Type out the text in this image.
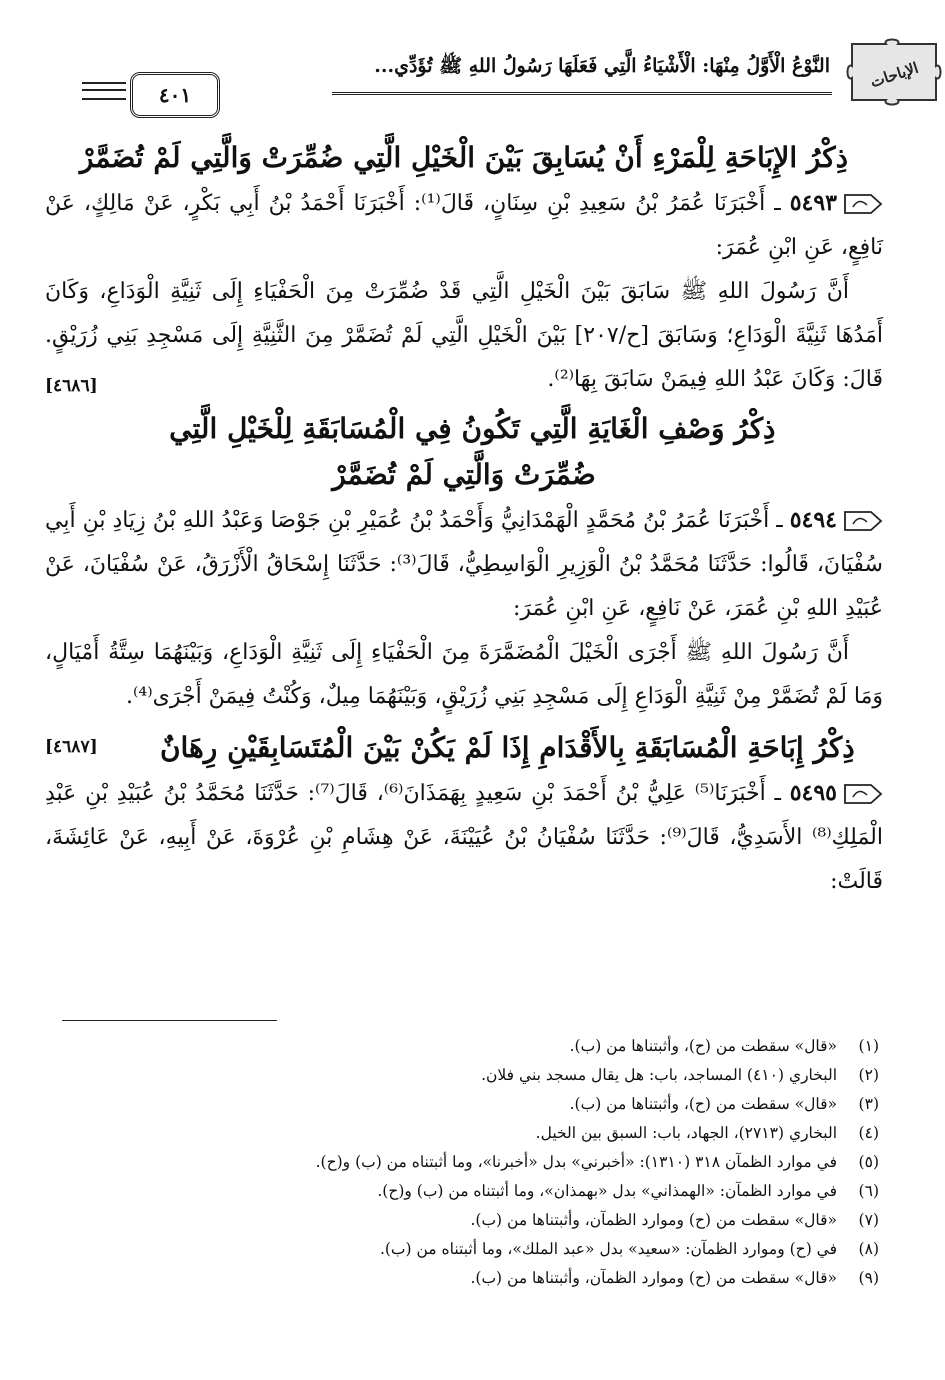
الإباحات
النَّوْعُ الْأَوَّلُ مِنْهَا: الْأَشْيَاءُ الَّتِي فَعَلَهَا رَسُولُ اللهِ ﷺ تُؤَدِّي...
٤٠١
ذِكْرُ الإِبَاحَةِ لِلْمَرْءِ أَنْ يُسَابِقَ بَيْنَ الْخَيْلِ الَّتِي ضُمِّرَتْ وَالَّتِي لَمْ تُضَمَّرْ

٥٤٩٣ ـ أَخْبَرَنَا عُمَرُ بْنُ سَعِيدِ بْنِ سِنَانٍ، قَالَ⁽¹⁾: أَخْبَرَنَا أَحْمَدُ بْنُ أَبِي بَكْرٍ، عَنْ مَالِكٍ، عَنْ نَافِعٍ، عَنِ ابْنِ عُمَرَ:

أَنَّ رَسُولَ اللهِ ﷺ سَابَقَ بَيْنَ الْخَيْلِ الَّتِي قَدْ ضُمِّرَتْ مِنَ الْحَفْيَاءِ إِلَى ثَنِيَّةِ الْوَدَاعِ، وَكَانَ أَمَدُهَا ثَنِيَّةَ الْوَدَاعِ؛ وَسَابَقَ [ح/٢٠٧] بَيْنَ الْخَيْلِ الَّتِي لَمْ تُضَمَّرْ مِنَ الثَّنِيَّةِ إِلَى مَسْجِدِ بَنِي زُرَيْقٍ. قَالَ: وَكَانَ عَبْدُ اللهِ فِيمَنْ سَابَقَ بِهَا⁽²⁾.
[٤٦٨٦]

ذِكْرُ وَصْفِ الْغَايَةِ الَّتِي تَكُونُ فِي الْمُسَابَقَةِ لِلْخَيْلِ الَّتِي ضُمِّرَتْ وَالَّتِي لَمْ تُضَمَّرْ

٥٤٩٤ ـ أَخْبَرَنَا عُمَرُ بْنُ مُحَمَّدٍ الْهَمْدَانِيُّ وَأَحْمَدُ بْنُ عُمَيْرِ بْنِ جَوْصَا وَعَبْدُ اللهِ بْنُ زِيَادِ بْنِ أَبِي سُفْيَانَ، قَالُوا: حَدَّثَنَا مُحَمَّدُ بْنُ الْوَزِيرِ الْوَاسِطِيُّ، قَالَ⁽³⁾: حَدَّثَنَا إِسْحَاقُ الْأَزْرَقُ، عَنْ سُفْيَانَ، عَنْ عُبَيْدِ اللهِ بْنِ عُمَرَ، عَنْ نَافِعٍ، عَنِ ابْنِ عُمَرَ:

أَنَّ رَسُولَ اللهِ ﷺ أَجْرَى الْخَيْلَ الْمُضَمَّرَةَ مِنَ الْحَفْيَاءِ إِلَى ثَنِيَّةِ الْوَدَاعِ، وَبَيْنَهُمَا سِتَّةُ أَمْيَالٍ، وَمَا لَمْ تُضَمَّرْ مِنْ ثَنِيَّةِ الْوَدَاعِ إِلَى مَسْجِدِ بَنِي زُرَيْقٍ، وَبَيْنَهُمَا مِيلٌ، وَكُنْتُ فِيمَنْ أَجْرَى⁽⁴⁾.
[٤٦٨٧]	ذِكْرُ إِبَاحَةِ الْمُسَابَقَةِ بِالأَقْدَامِ إِذَا لَمْ يَكُنْ بَيْنَ الْمُتَسَابِقَيْنِ رِهَانٌ

٥٤٩٥ ـ أَخْبَرَنَا⁽⁵⁾ عَلِيُّ بْنُ أَحْمَدَ بْنِ سَعِيدٍ بِهَمَذَانَ⁽⁶⁾، قَالَ⁽⁷⁾: حَدَّثَنَا مُحَمَّدُ بْنُ عُبَيْدِ بْنِ عَبْدِ الْمَلِكِ⁽⁸⁾ الأَسَدِيُّ، قَالَ⁽⁹⁾: حَدَّثَنَا سُفْيَانُ بْنُ عُيَيْنَةَ، عَنْ هِشَامِ بْنِ عُرْوَةَ، عَنْ أَبِيهِ، عَنْ عَائِشَةَ، قَالَتْ:

(١)«قال» سقطت من (ح)، وأثبتناها من (ب).
(٢)البخاري (٤١٠) المساجد، باب: هل يقال مسجد بني فلان.
(٣)«قال» سقطت من (ح)، وأثبتناها من (ب).
(٤)البخاري (٢٧١٣)، الجهاد، باب: السبق بين الخيل.
(٥)في موارد الظمآن ٣١٨ (١٣١٠): «أخبرني» بدل «أخبرنا»، وما أثبتناه من (ب) و(ح).
(٦)في موارد الظمآن: «الهمذاني» بدل «بهمذان»، وما أثبتناه من (ب) و(ح).
(٧)«قال» سقطت من (ح) وموارد الظمآن، وأثبتناها من (ب).
(٨)في (ح) وموارد الظمآن: «سعيد» بدل «عبد الملك»، وما أثبتناه من (ب).
(٩)«قال» سقطت من (ح) وموارد الظمآن، وأثبتناها من (ب).
